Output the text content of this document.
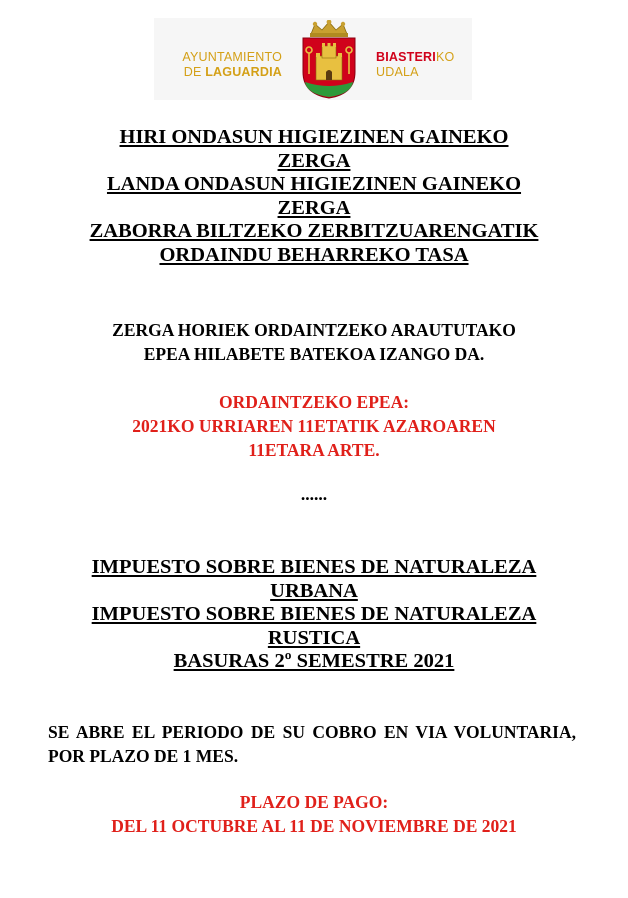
AYUNTAMIENTO
DE LAGUARDIA
BIASTERIKO
UDALA
HIRI ONDASUN HIGIEZINEN GAINEKO
ZERGA
LANDA ONDASUN HIGIEZINEN GAINEKO
ZERGA
ZABORRA BILTZEKO ZERBITZUARENGATIK
ORDAINDU BEHARREKO TASA
ZERGA HORIEK ORDAINTZEKO ARAUTUTAKO
EPEA HILABETE BATEKOA IZANGO DA.
ORDAINTZEKO EPEA:
2021KO URRIAREN 11ETATIK AZAROAREN
11ETARA ARTE.
......
IMPUESTO SOBRE BIENES DE NATURALEZA
URBANA
IMPUESTO SOBRE BIENES DE NATURALEZA
RUSTICA
BASURAS 2º SEMESTRE 2021
SE ABRE EL PERIODO DE SU COBRO EN VIA VOLUNTARIA, POR PLAZO DE 1 MES.
PLAZO DE PAGO:
DEL 11 OCTUBRE AL 11 DE NOVIEMBRE DE 2021
